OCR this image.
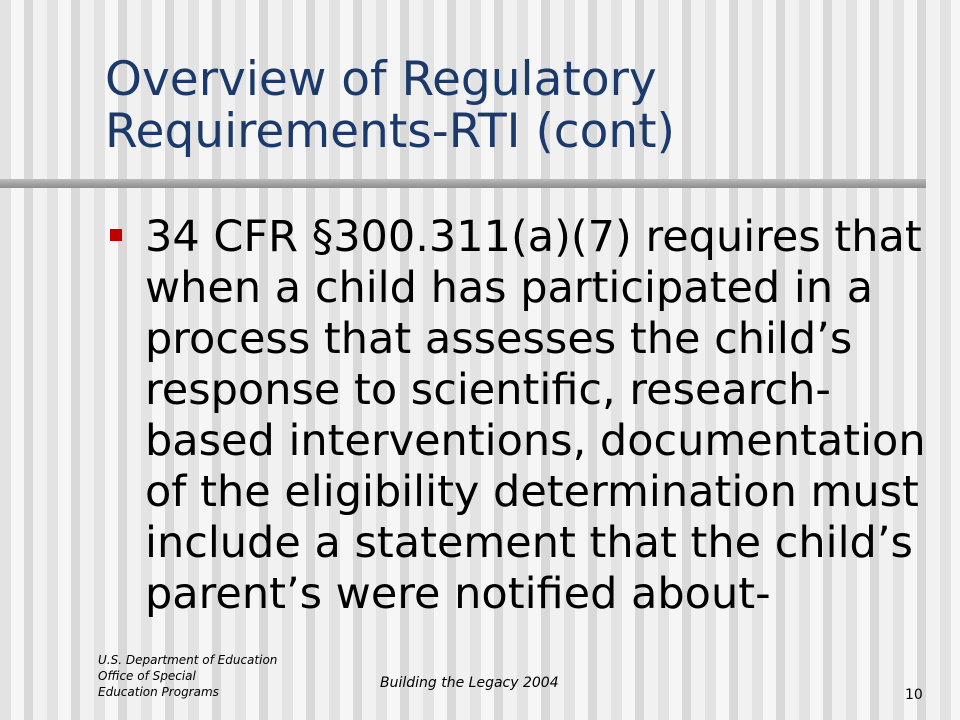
Overview of Regulatory
Requirements-RTI (cont)
34 CFR §300.311(a)(7) requires that
when a child has participated in a
process that assesses the child’s
response to scientific, research-
based interventions, documentation
of the eligibility determination must
include a statement that the child’s
parent’s were notified about-
U.S. Department of Education
Office of Special
Education Programs
Building the Legacy 2004
10
